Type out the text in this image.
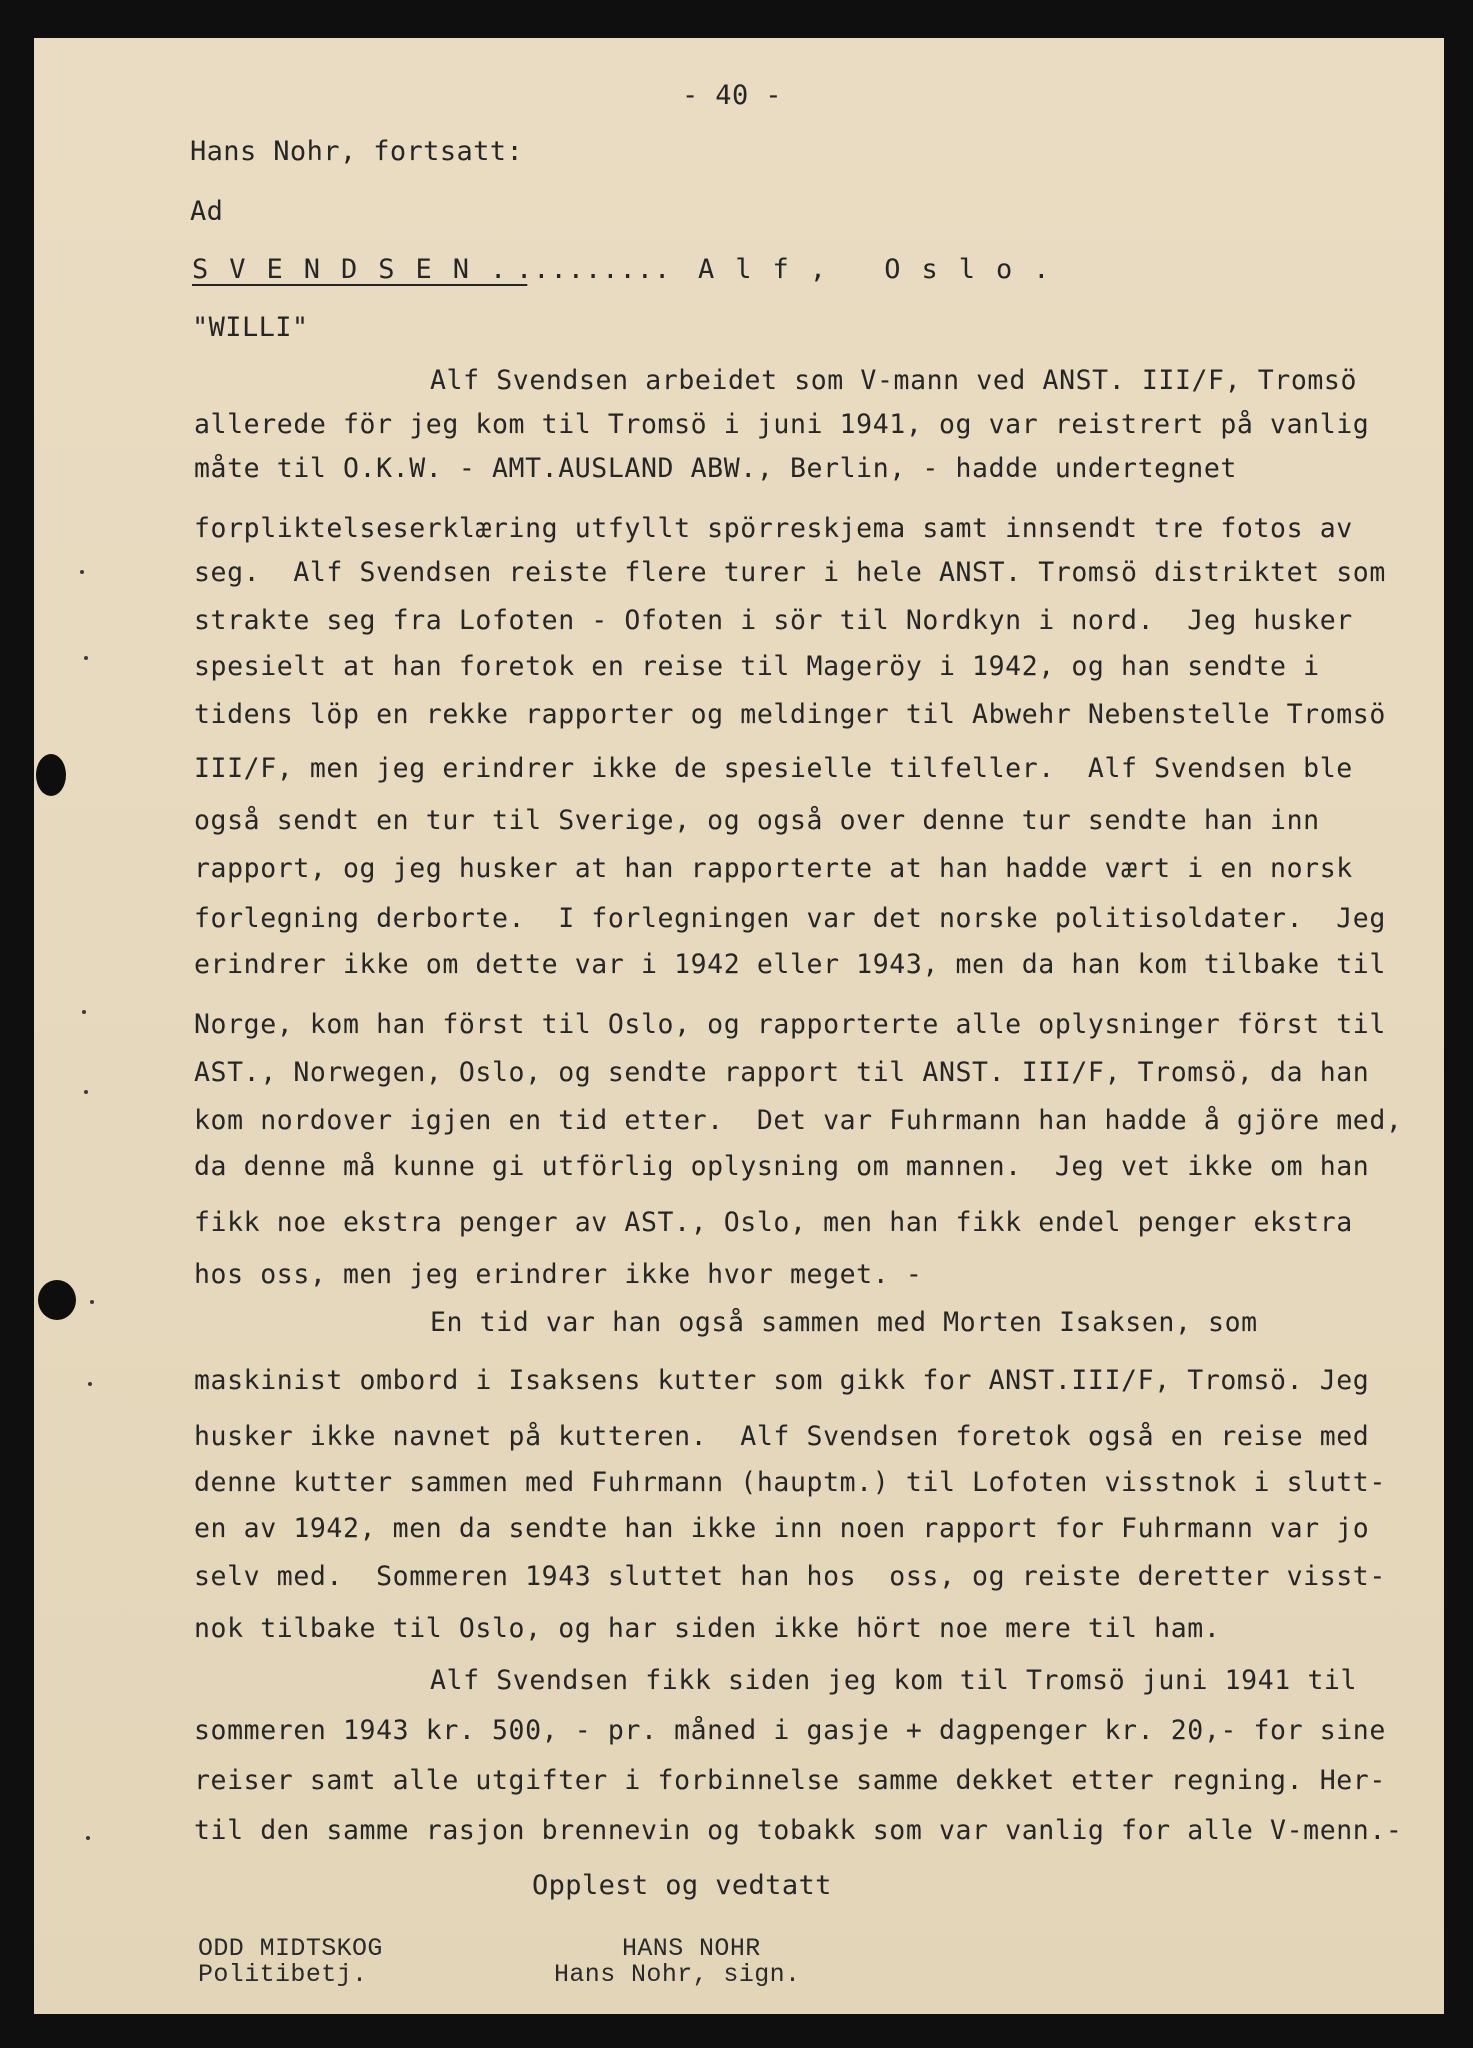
- 40 -
Hans Nohr, fortsatt:
Ad
SVENDSEN.
......... Alf, Oslo.
"WILLI"
Alf Svendsen arbeidet som V-mann ved ANST. III/F, Tromsö
allerede för jeg kom til Tromsö i juni 1941, og var reistrert på vanlig
måte til O.K.W. - AMT.AUSLAND ABW., Berlin, - hadde undertegnet
forpliktelseserklæring utfyllt spörreskjema samt innsendt tre fotos av
seg.  Alf Svendsen reiste flere turer i hele ANST. Tromsö distriktet som
strakte seg fra Lofoten - Ofoten i sör til Nordkyn i nord.  Jeg husker
spesielt at han foretok en reise til Mageröy i 1942, og han sendte i
tidens löp en rekke rapporter og meldinger til Abwehr Nebenstelle Tromsö
III/F, men jeg erindrer ikke de spesielle tilfeller.  Alf Svendsen ble
også sendt en tur til Sverige, og også over denne tur sendte han inn
rapport, og jeg husker at han rapporterte at han hadde vært i en norsk
forlegning derborte.  I forlegningen var det norske politisoldater.  Jeg
erindrer ikke om dette var i 1942 eller 1943, men da han kom tilbake til
Norge, kom han först til Oslo, og rapporterte alle oplysninger först til
AST., Norwegen, Oslo, og sendte rapport til ANST. III/F, Tromsö, da han
kom nordover igjen en tid etter.  Det var Fuhrmann han hadde å gjöre med,
da denne må kunne gi utförlig oplysning om mannen.  Jeg vet ikke om han
fikk noe ekstra penger av AST., Oslo, men han fikk endel penger ekstra
hos oss, men jeg erindrer ikke hvor meget. -
En tid var han også sammen med Morten Isaksen, som
maskinist ombord i Isaksens kutter som gikk for ANST.III/F, Tromsö. Jeg
husker ikke navnet på kutteren.  Alf Svendsen foretok også en reise med
denne kutter sammen med Fuhrmann (hauptm.) til Lofoten visstnok i slutt-
en av 1942, men da sendte han ikke inn noen rapport for Fuhrmann var jo
selv med.  Sommeren 1943 sluttet han hos  oss, og reiste deretter visst-
nok tilbake til Oslo, og har siden ikke hört noe mere til ham.
Alf Svendsen fikk siden jeg kom til Tromsö juni 1941 til
sommeren 1943 kr. 500, - pr. måned i gasje + dagpenger kr. 20,- for sine
reiser samt alle utgifter i forbinnelse samme dekket etter regning. Her-
til den samme rasjon brennevin og tobakk som var vanlig for alle V-menn.-
Opplest og vedtatt
ODD MIDTSKOG
Politibetj.
HANS NOHR
Hans Nohr, sign.
